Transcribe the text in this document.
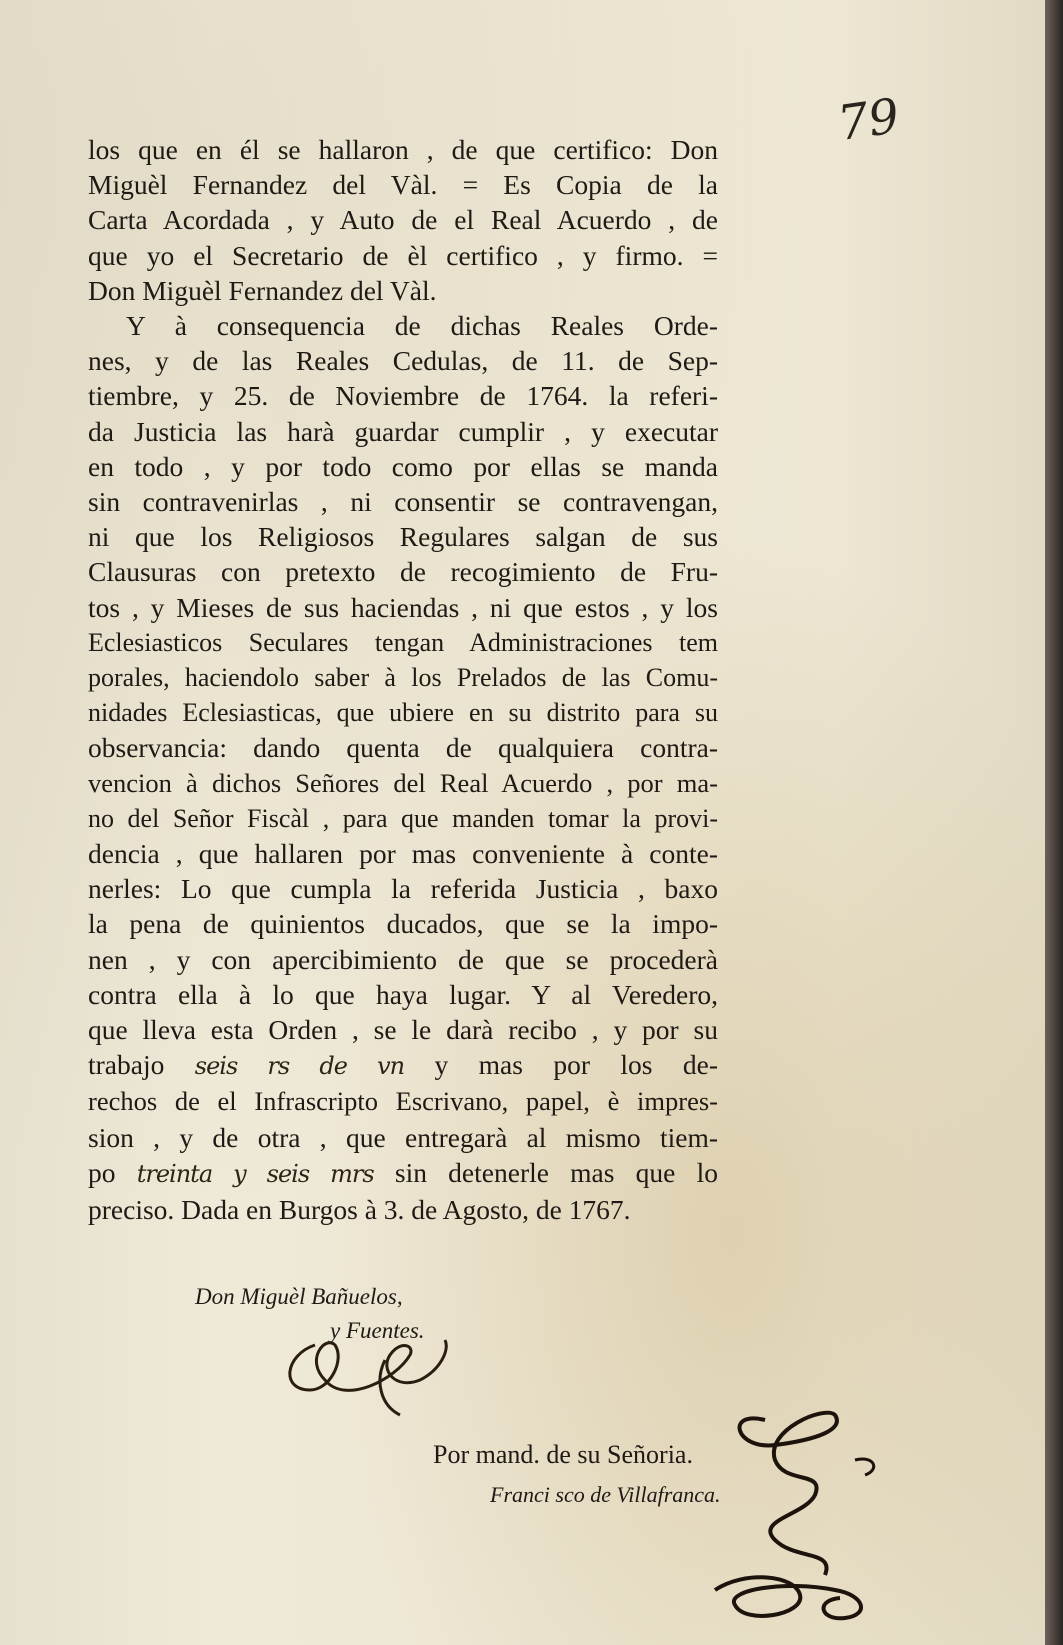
79
los que en él se hallaron , de que certifico: Don
Miguèl Fernandez del Vàl. = Es Copia de la
Carta Acordada , y Auto de el Real Acuerdo , de
que yo el Secretario de èl certifico , y firmo. =
Don Miguèl Fernandez del Vàl.
Y à consequencia de dichas Reales Orde-
nes, y de las Reales Cedulas, de 11. de Sep-
tiembre, y 25. de Noviembre de 1764. la referi-
da Justicia las harà guardar cumplir , y executar
en todo , y por todo como por ellas se manda
sin contravenirlas , ni consentir se contravengan,
ni que los Religiosos Regulares salgan de sus
Clausuras con pretexto de recogimiento de Fru-
tos , y Mieses de sus haciendas , ni que estos , y los
Eclesiasticos Seculares tengan Administraciones tem
porales, haciendolo saber à los Prelados de las Comu-
nidades Eclesiasticas, que ubiere en su distrito para su
observancia: dando quenta de qualquiera contra-
vencion à dichos Señores del Real Acuerdo , por ma-
no del Señor Fiscàl , para que manden tomar la provi-
dencia , que hallaren por mas conveniente à conte-
nerles: Lo que cumpla la referida Justicia , baxo
la pena de quinientos ducados, que se la impo-
nen , y con apercibimiento de que se procederà
contra ella à lo que haya lugar. Y al Veredero,
que lleva esta Orden , se le darà recibo , y por su
trabajo seis rs de vn y mas por los de-
rechos de el Infrascripto Escrivano, papel, è impres-
sion , y de otra , que entregarà al mismo tiem-
po treinta y seis mrs sin detenerle mas que lo
preciso. Dada en Burgos à 3. de Agosto, de 1767.
Don Miguèl Bañuelos,
y Fuentes.
Por mand. de su Señoria.
Franci sco de Villafranca.
